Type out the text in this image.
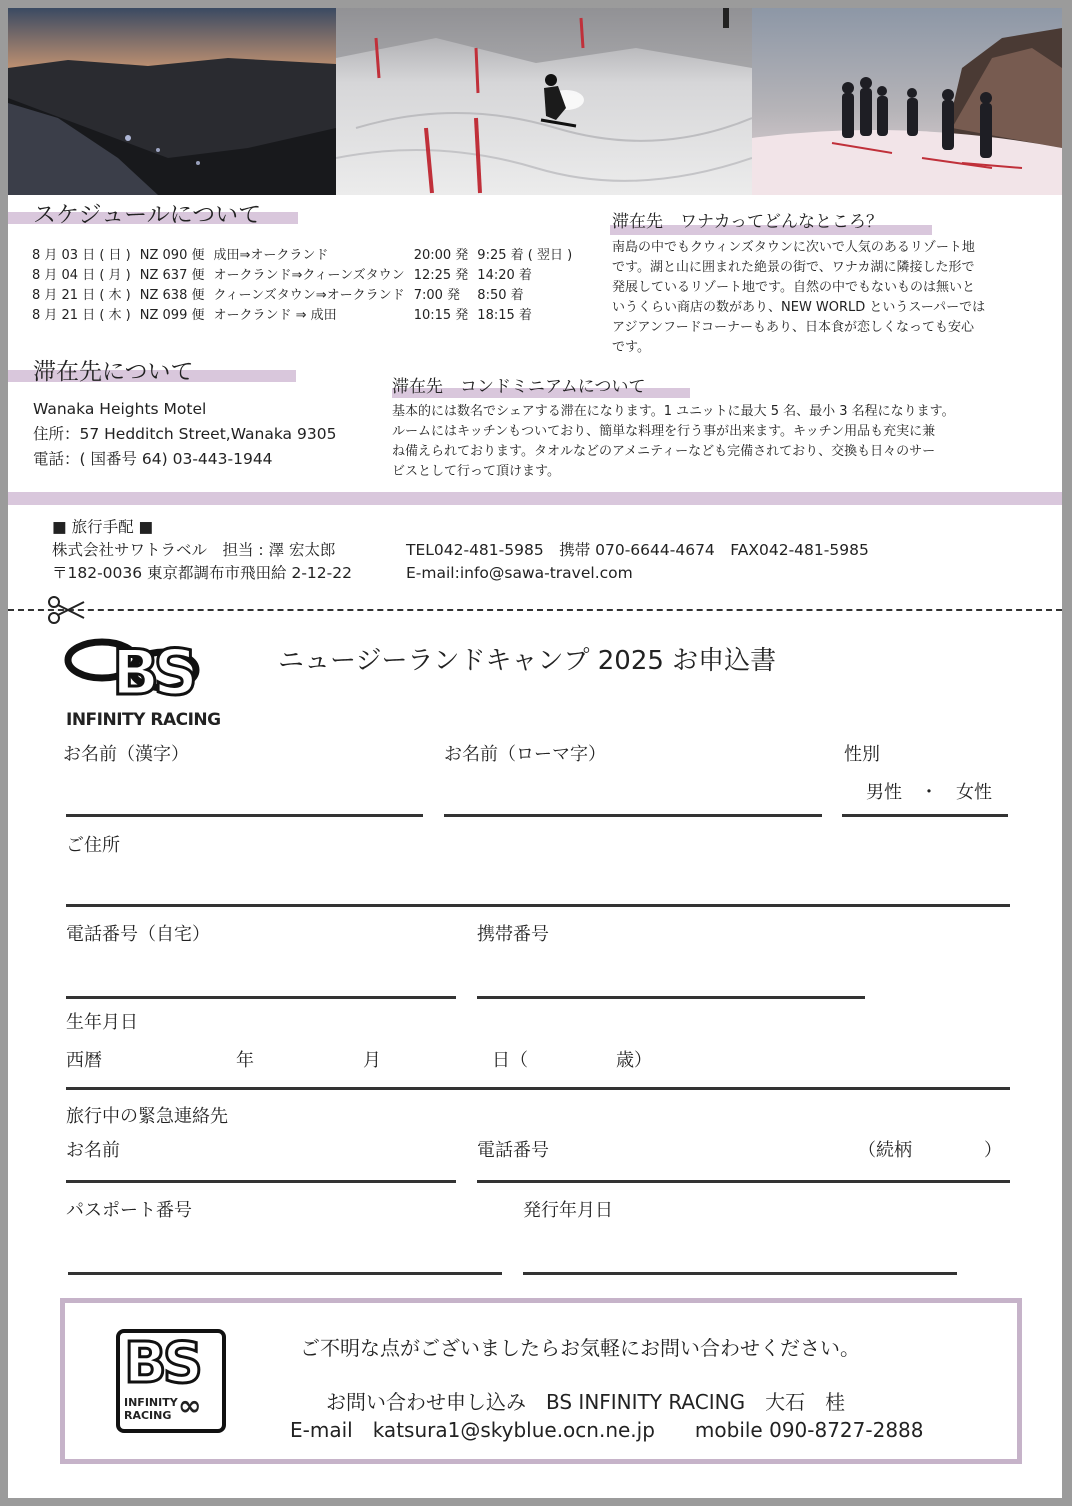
スケジュールについて
8 月 03 日 ( 日 )	NZ 090 便	成田⇒オークランド	20:00 発	9:25 着 ( 翌日 )
8 月 04 日 ( 月 )	NZ 637 便	オークランド⇒クィーンズタウン	12:25 発	14:20 着
8 月 21 日 ( 木 )	NZ 638 便	クィーンズタウン⇒オークランド	7:00 発	8:50 着
8 月 21 日 ( 木 )	NZ 099 便	オークランド ⇒ 成田	10:15 発	18:15 着
滞在先　ワナカってどんなところ？
南島の中でもクウィンズタウンに次いで人気のあるリゾート地
です。湖と山に囲まれた絶景の街で、ワナカ湖に隣接した形で
発展しているリゾート地です。自然の中でもないものは無いと
いうくらい商店の数があり、NEW WORLD というスーパーでは
アジアンフードコーナーもあり、日本食が恋しくなっても安心
です。
滞在先について
Wanaka Heights Motel
住所：57 Hedditch Street,Wanaka 9305
電話：( 国番号 64) 03-443-1944
滞在先　コンドミニアムについて
基本的には数名でシェアする滞在になります。1 ユニットに最大 5 名、最小 3 名程になります。
ルームにはキッチンもついており、簡単な料理を行う事が出来ます。キッチン用品も充実に兼
ね備えられております。タオルなどのアメニティーなども完備されており、交換も日々のサー
ビスとして行って頂けます。
■ 旅行手配 ■
株式会社サワトラベル　担当 : 澤 宏太郎
〒182-0036 東京都調布市飛田給 2-12-22
TEL042-481-5985　携帯 070-6644-4674　FAX042-481-5985
E-mail:info@sawa-travel.com
BS
INFINITY RACING
ニュージーランドキャンプ 2025 お申込書
お名前（漢字）	お名前（ローマ字）	性別
男性　・　女性
ご住所
電話番号（自宅）	携帯番号
生年月日
西暦	年	月	日（	歳）
旅行中の緊急連絡先
お名前	電話番号	（続柄　　　　）
パスポート番号	発行年月日
BS
INFINITY
RACING ∞
ご不明な点がございましたらお気軽にお問い合わせください。
お問い合わせ申し込み　BS INFINITY RACING　大石　桂
E-mail　katsura1@skyblue.ocn.ne.jp　　mobile 090-8727-2888
